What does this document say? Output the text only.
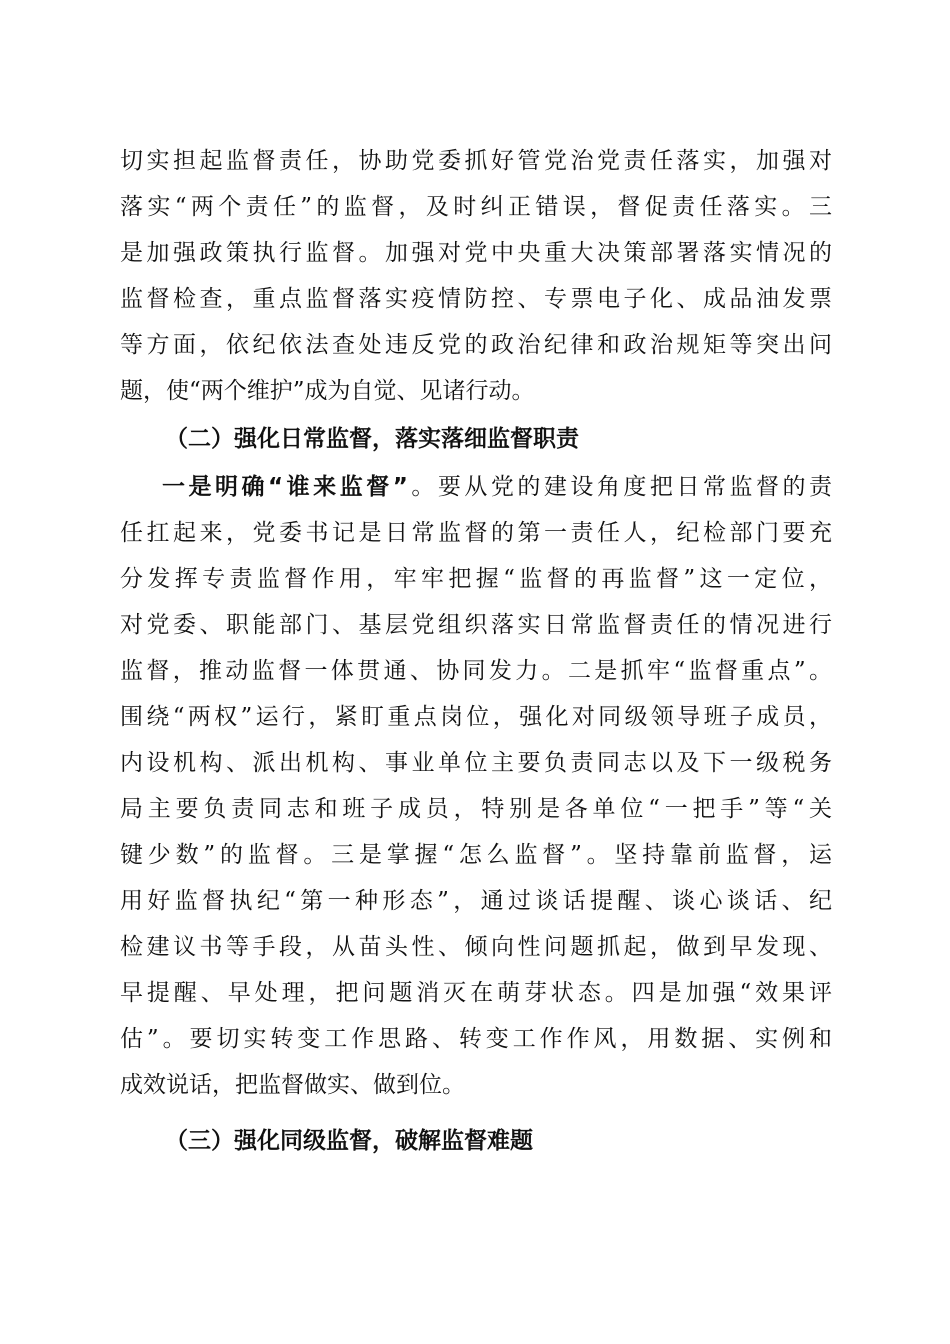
切实担起监督责任，协助党委抓好管党治党责任落实，加强对
落实“两个责任”的监督，及时纠正错误，督促责任落实。三
是加强政策执行监督。加强对党中央重大决策部署落实情况的
监督检查，重点监督落实疫情防控、专票电子化、成品油发票
等方面，依纪依法查处违反党的政治纪律和政治规矩等突出问
题，使“两个维护”成为自觉、见诸行动。
（二）强化日常监督，落实落细监督职责
一是明确“谁来监督”。要从党的建设角度把日常监督的责
任扛起来，党委书记是日常监督的第一责任人，纪检部门要充
分发挥专责监督作用，牢牢把握“监督的再监督”这一定位，
对党委、职能部门、基层党组织落实日常监督责任的情况进行
监督，推动监督一体贯通、协同发力。二是抓牢“监督重点”。
围绕“两权”运行，紧盯重点岗位，强化对同级领导班子成员，
内设机构、派出机构、事业单位主要负责同志以及下一级税务
局主要负责同志和班子成员，特别是各单位“一把手”等“关
键少数”的监督。三是掌握“怎么监督”。坚持靠前监督，运
用好监督执纪“第一种形态”，通过谈话提醒、谈心谈话、纪
检建议书等手段，从苗头性、倾向性问题抓起，做到早发现、
早提醒、早处理，把问题消灭在萌芽状态。四是加强“效果评
估”。要切实转变工作思路、转变工作作风，用数据、实例和
成效说话，把监督做实、做到位。
（三）强化同级监督，破解监督难题
